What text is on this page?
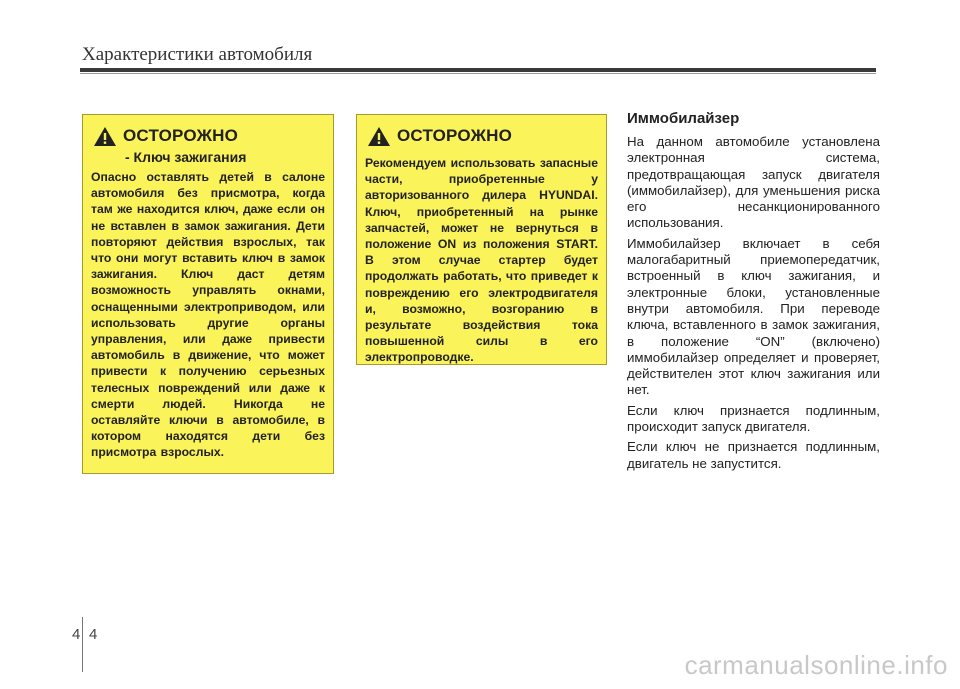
Характеристики автомобиля
ОСТОРОЖНО
- Ключ зажигания
Опасно оставлять детей в салоне автомобиля без присмотра, когда там же находится ключ, даже если он не вставлен в замок зажигания. Дети повторяют действия взрослых, так что они могут вставить ключ в замок зажигания. Ключ даст детям возможность управлять окнами, оснащенными электроприводом, или использовать другие органы управления, или даже привести автомобиль в движение, что может привести к получению серьезных телесных повреждений или даже к смерти людей. Никогда не оставляйте ключи в автомобиле, в котором находятся дети без присмотра взрослых.
ОСТОРОЖНО
Рекомендуем использовать запасные части, приобретенные у авторизованного дилера HYUNDAI. Ключ, приобретенный на рынке запчастей, может не вернуться в положение ON из положения START. В этом случае стартер будет продолжать работать, что приведет к повреждению его электродвигателя и, возможно, возгоранию в результате воздействия тока повышенной силы в его электропроводке.
Иммобилайзер

На данном автомобиле установлена электронная система, предотвращающая запуск двигателя (иммобилайзер), для уменьшения риска его несанкционированного использования.

Иммобилайзер включает в себя малогабаритный приемопередатчик, встроенный в ключ зажигания, и электронные блоки, установленные внутри автомобиля. При переводе ключа, вставленного в замок зажигания, в положение “ON” (включено) иммобилайзер определяет и проверяет, действителен этот ключ зажигания или нет.

Если ключ признается подлинным, происходит запуск двигателя.

Если ключ не признается подлинным, двигатель не запустится.

4 4
carmanualsonline.info
